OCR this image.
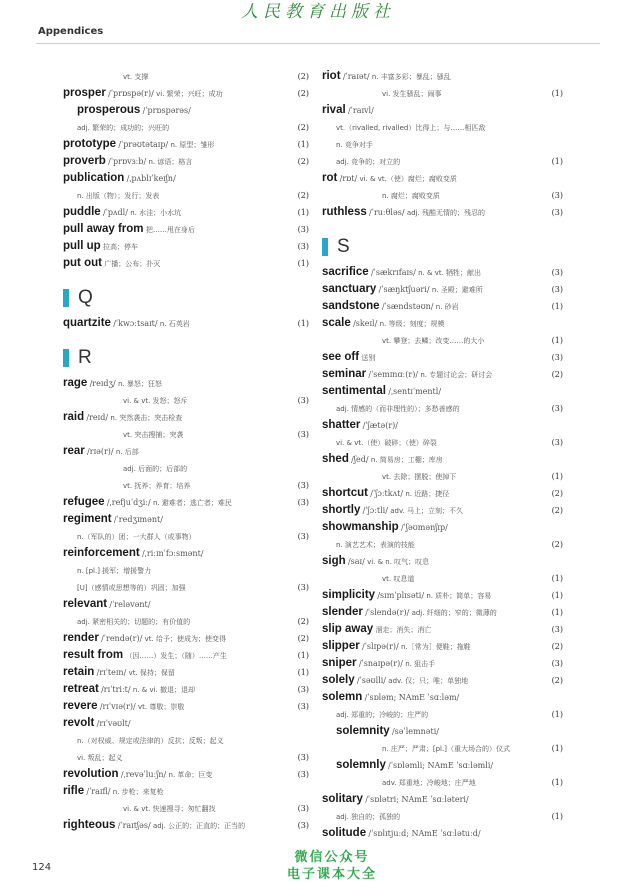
人民教育出版社
Appendices
vt. 支撑	(2)
prosper /ˈprɒspə(r)/ vi. 繁荣；兴旺；成功	(2)
prosperous /ˈprɒspərəs/
adj. 繁荣的；成功的；兴旺的	(2)
prototype /ˈprəʊtətaɪp/ n. 原型；雏形	(1)
proverb /ˈprɒvɜːb/ n. 谚语；格言	(2)
publication /ˌpʌblɪˈkeɪʃn/
n. 出版（物）；发行；发表	(2)
puddle /ˈpʌdl/ n. 水洼；小水坑	(1)
pull away from 把……甩在身后	(3)
pull up 拉高；停车	(3)
put out 广播；公布；扑灭	(1)
Q
quartzite /ˈkwɔːtsaɪt/ n. 石英岩	(1)
R
rage /reɪdʒ/ n. 暴怒；狂怒
vi. & vt. 发怒；怒斥	(3)
raid /reɪd/ n. 突然袭击；突击检查
vt. 突击搜捕；突袭	(3)
rear /rɪə(r)/ n. 后部
adj. 后面的；后部的
vt. 抚养；养育；培养	(3)
refugee /ˌrefjuˈdʒiː/ n. 避难者；逃亡者；难民	(3)
regiment /ˈredʒɪmənt/
n.（军队的）团；一大群人（或事物）	(3)
reinforcement /ˌriːɪnˈfɔːsmənt/
n. [pl.] 援军；增援警力
[U]（感情或思想等的）巩固；加强	(3)
relevant /ˈreləvənt/
adj. 紧密相关的；切题的；有价值的	(2)
render /ˈrendə(r)/ vt. 给予；使成为；使变得	(2)
result from （因……）发生；（随）……产生	(1)
retain /rɪˈteɪn/ vt. 保持；保留	(1)
retreat /rɪˈtriːt/ n. & vi. 撤退；退却	(3)
revere /rɪˈvɪə(r)/ vt. 尊敬；崇敬	(3)
revolt /rɪˈvəʊlt/
n.（对权威、规定或法律的）反抗；反叛；起义
vi. 叛乱；起义	(3)
revolution /ˌrevəˈluːʃn/ n. 革命；巨变	(3)
rifle /ˈraɪfl/ n. 步枪；来复枪
vi. & vt. 快速搜寻；匆忙翻找	(3)
righteous /ˈraɪtʃəs/ adj. 公正的；正直的；正当的	(3)
riot /ˈraɪət/ n. 丰富多彩；暴乱；骚乱
vi. 发生骚乱；闹事	(1)
rival /ˈraɪvl/
vt.（rivalled, rivalled）比得上；与……相匹敌
n. 竞争对手
adj. 竞争的；对立的	(1)
rot /rɒt/ vi. & vt.（使）腐烂；腐败变质
n. 腐烂；腐败变质	(3)
ruthless /ˈruːθləs/ adj. 残酷无情的；残忍的	(3)
S
sacrifice /ˈsækrɪfaɪs/ n. & vt. 牺牲；献出	(3)
sanctuary /ˈsæŋktʃuəri/ n. 圣殿；避难所	(3)
sandstone /ˈsændstəʊn/ n. 砂岩	(1)
scale /skeɪl/ n. 等级；刻度；规模
vt. 攀登；去鳞；改变……的大小	(1)
see off 送别	(3)
seminar /ˈsemɪnɑː(r)/ n. 专题讨论会；研讨会	(2)
sentimental /ˌsentɪˈmentl/
adj. 情感的（而非理性的）；多愁善感的	(3)
shatter /ˈʃætə(r)/
vi. & vt.（使）破碎；（使）碎裂	(3)
shed /ʃed/ n. 简易房；工棚；库房
vt. 去除；摆脱；使掉下	(1)
shortcut /ˈʃɔːtkʌt/ n. 近路；捷径	(2)
shortly /ˈʃɔːtli/ adv. 马上；立刻；不久	(2)
showmanship /ˈʃəʊmənʃɪp/
n. 演艺艺术；表演的技能	(2)
sigh /saɪ/ vi. & n. 叹气；叹息
vt. 叹息道	(1)
simplicity /sɪmˈplɪsəti/ n. 质朴；简单；容易	(1)
slender /ˈslendə(r)/ adj. 纤细的；窄的；微薄的	(1)
slip away 溜走；消失；消亡	(3)
slipper /ˈslɪpə(r)/ n.［常为］便鞋；拖鞋	(2)
sniper /ˈsnaɪpə(r)/ n. 狙击手	(3)
solely /ˈsəʊlli/ adv. 仅；只；唯；单独地	(2)
solemn /ˈsɒləm; NAmE ˈsɑːləm/
adj. 郑重的；冷峻的；庄严的	(1)
solemnity /səˈlemnəti/
n. 庄严；严肃；[pl.]（重大场合的）仪式	(1)
solemnly /ˈsɒləmli; NAmE ˈsɑːləmli/
adv. 郑重地；冷峻地；庄严地	(1)
solitary /ˈsɒlətri; NAmE ˈsɑːləteri/
adj. 独自的；孤独的	(1)
solitude /ˈsɒlɪtjuːd; NAmE ˈsɑːlətuːd/
124
微信公众号
电子课本大全
